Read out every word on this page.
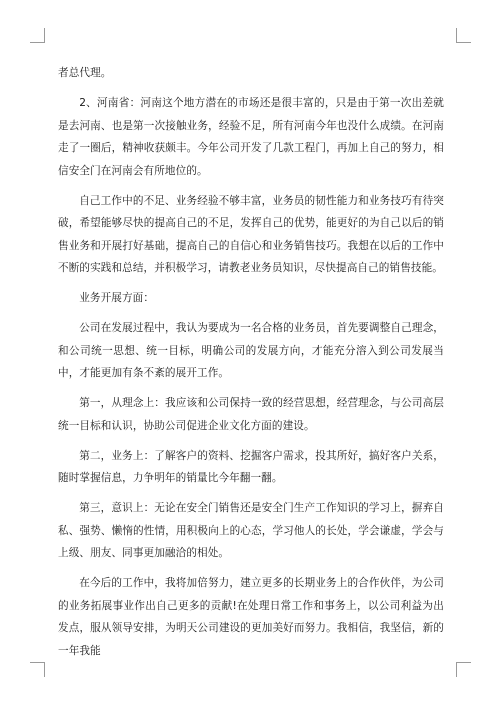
者总代理。

2、河南省：河南这个地方潜在的市场还是很丰富的，只是由于第一次出差就是去河南、也是第一次接触业务，经验不足，所有河南今年也没什么成绩。在河南走了一圈后，精神收获颇丰。今年公司开发了几款工程门，再加上自己的努力，相信安全门在河南会有所地位的。

自己工作中的不足、业务经验不够丰富，业务员的韧性能力和业务技巧有待突破，希望能够尽快的提高自己的不足，发挥自己的优势，能更好的为自己以后的销售业务和开展打好基础，提高自己的自信心和业务销售技巧。我想在以后的工作中不断的实践和总结，并积极学习，请教老业务员知识，尽快提高自己的销售技能。

业务开展方面：

公司在发展过程中，我认为要成为一名合格的业务员，首先要调整自己理念，和公司统一思想、统一目标，明确公司的发展方向，才能充分溶入到公司发展当中，才能更加有条不紊的展开工作。

第一，从理念上：我应该和公司保持一致的经营思想，经营理念，与公司高层统一目标和认识，协助公司促进企业文化方面的建设。

第二，业务上：了解客户的资料、挖掘客户需求，投其所好，搞好客户关系，随时掌握信息，力争明年的销量比今年翻一翻。

第三，意识上：无论在安全门销售还是安全门生产工作知识的学习上，摒弃自私、强势、懒惰的性情，用积极向上的心态，学习他人的长处，学会谦虚，学会与上级、朋友、同事更加融洽的相处。

在今后的工作中，我将加倍努力，建立更多的长期业务上的合作伙伴，为公司的业务拓展事业作出自己更多的贡献!在处理日常工作和事务上，以公司利益为出发点，服从领导安排，为明天公司建设的更加美好而努力。我相信，我坚信，新的一年我能
